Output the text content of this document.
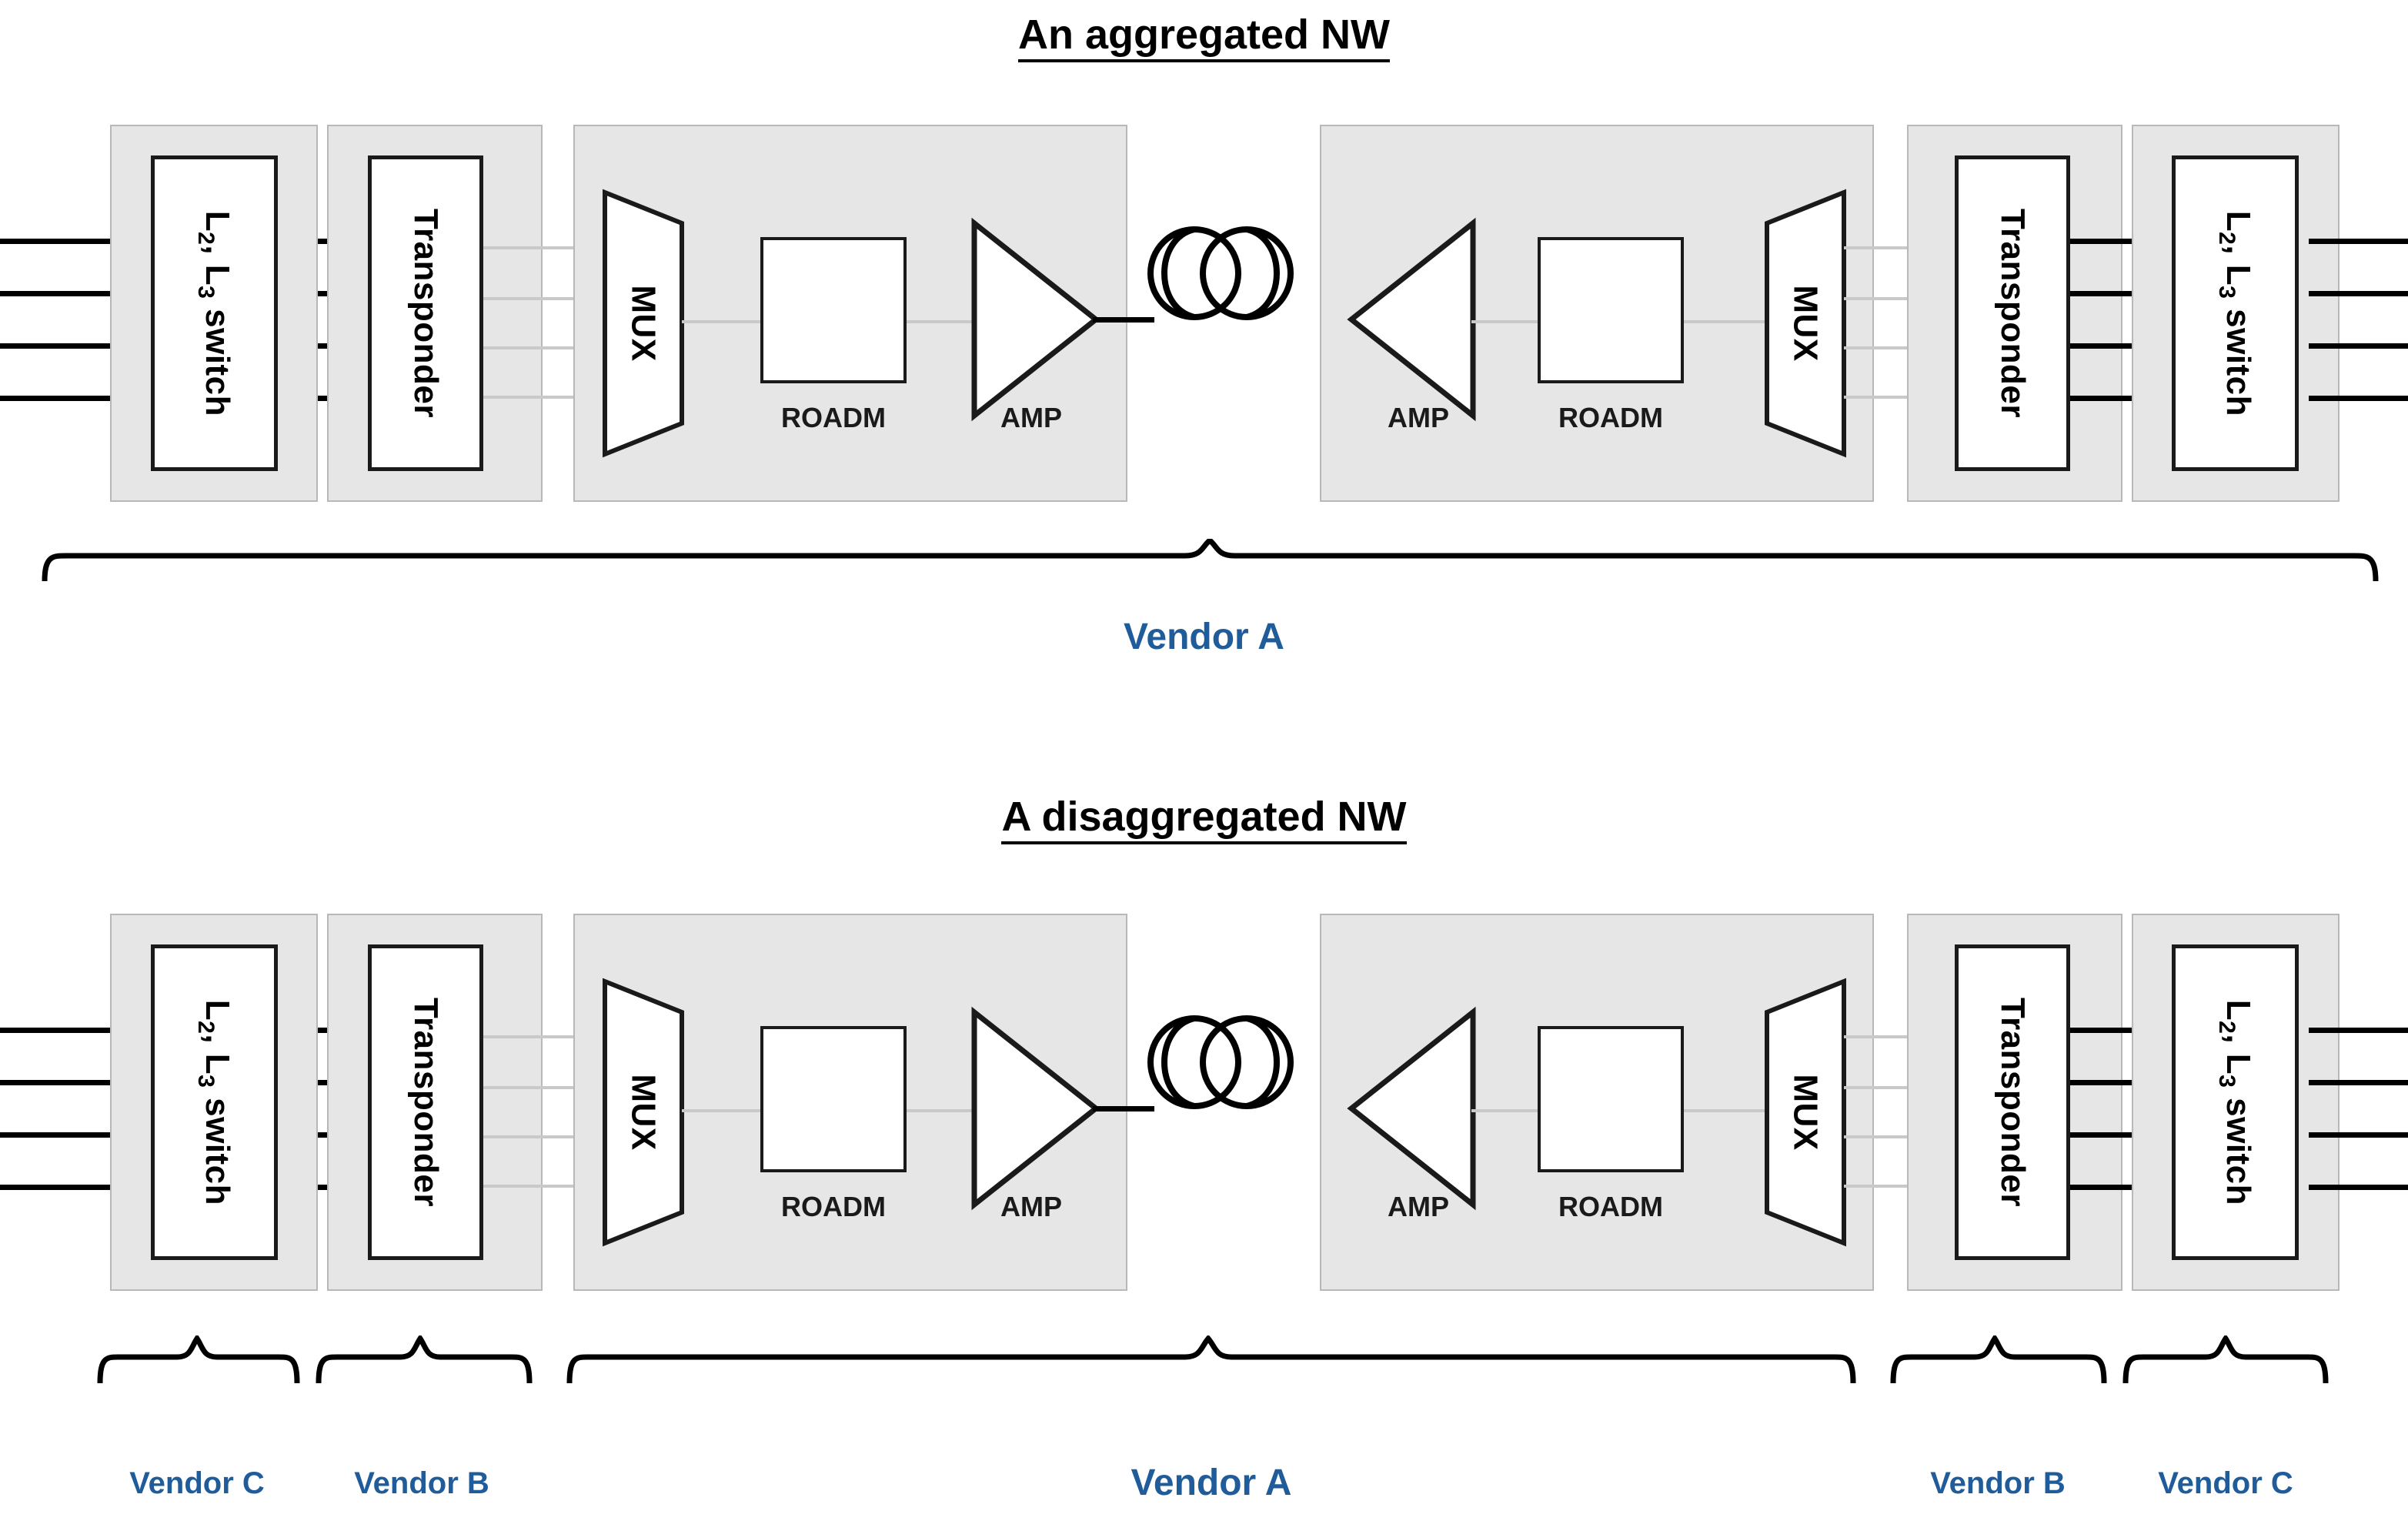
An aggregated NW
$L_2$, $L_3$ switch	Transponder	MUX
ROADM	AMP	AMP	ROADM
MUX	Transponder	$L_2$, $L_3$ switch
Vendor A
A disaggregated NW
$L_2$, $L_3$ switch	Transponder	MUX
ROADM	AMP	AMP	ROADM
MUX	Transponder	$L_2$, $L_3$ switch
Vendor C	Vendor B	Vendor A	Vendor B	Vendor C
